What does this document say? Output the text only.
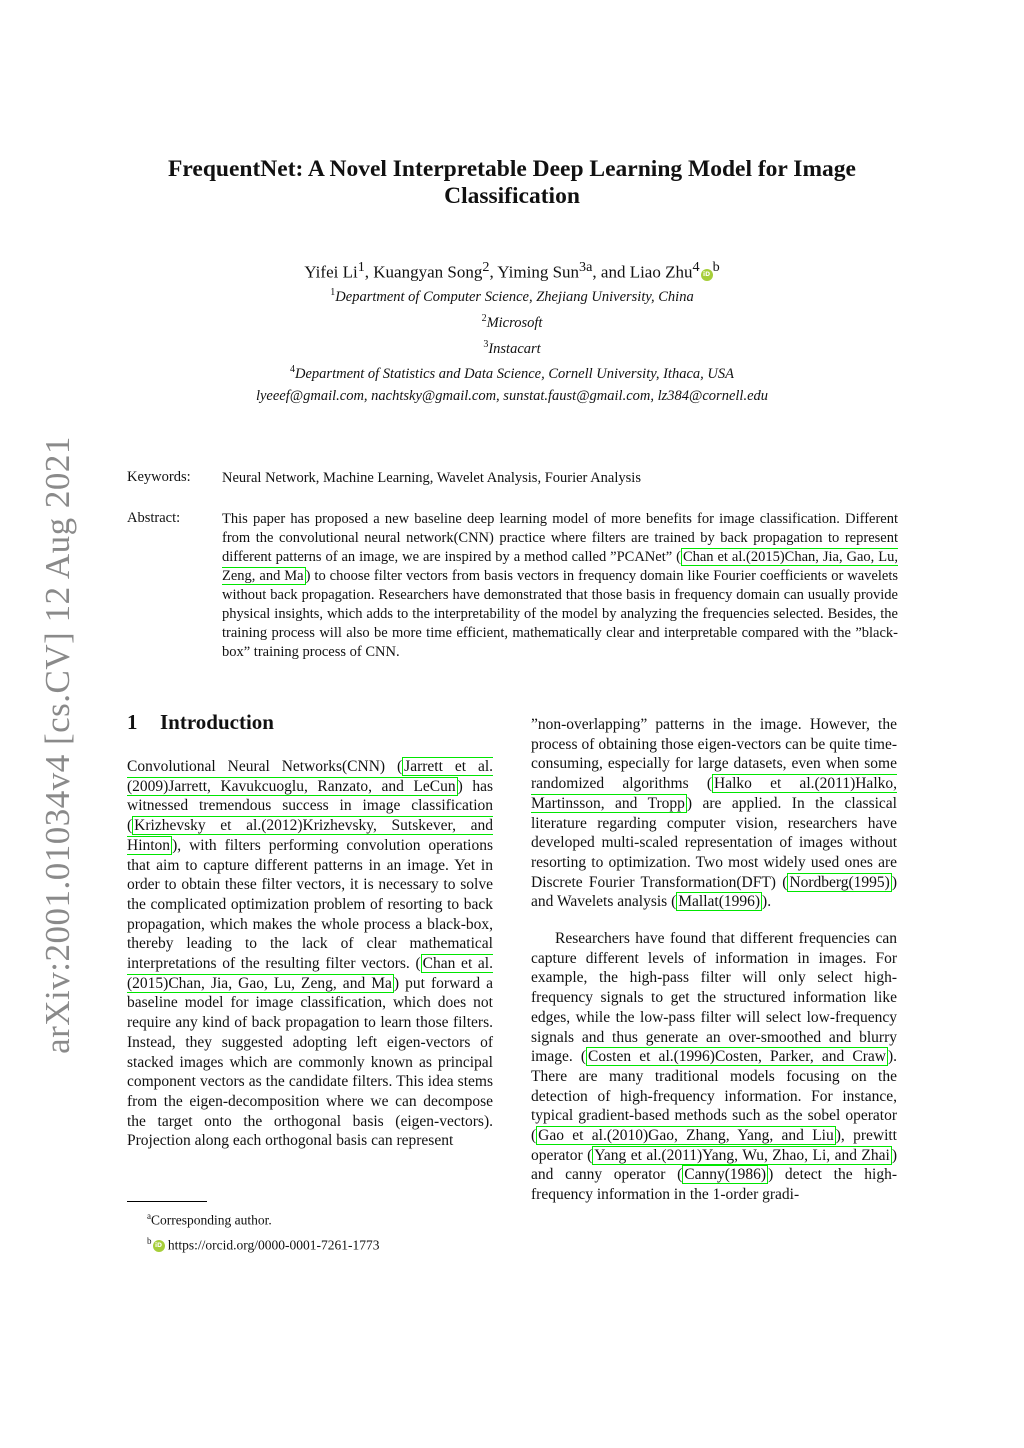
arXiv:2001.01034v4 [cs.CV] 12 Aug 2021
FrequentNet: A Novel Interpretable Deep Learning Model for Image Classification
Yifei Li$^1$, Kuangyan Song$^2$, Yiming Sun$^{3a}$, and Liao Zhu$^4$ iD $^b$
$^1$Department of Computer Science, Zhejiang University, China
$^2$Microsoft
$^3$Instacart
$^4$Department of Statistics and Data Science, Cornell University, Ithaca, USA
lyeeef@gmail.com, nachtsky@gmail.com, sunstat.faust@gmail.com, lz384@cornell.edu
Keywords: Neural Network, Machine Learning, Wavelet Analysis, Fourier Analysis
Abstract:	This paper has proposed a new baseline deep learning model of more benefits for image classification. Different from the convolutional neural network(CNN) practice where filters are trained by back propagation to represent different patterns of an image, we are inspired by a method called ”PCANet” ( Chan et al.(2015)Chan, Jia, Gao, Lu, Zeng, and Ma ) to choose filter vectors from basis vectors in frequency domain like Fourier coefficients or wavelets without back propagation. Researchers have demonstrated that those basis in frequency domain can usually provide physical insights, which adds to the interpretability of the model by analyzing the frequencies selected. Besides, the training process will also be more time efficient, mathematically clear and interpretable compared with the ”black-box” training process of CNN.
1 Introduction

Convolutional Neural Networks(CNN) ( Jarrett et al.(2009)Jarrett, Kavukcuoglu, Ranzato, and LeCun ) has witnessed tremendous success in image classification ( Krizhevsky et al.(2012)Krizhevsky, Sutskever, and Hinton ), with filters performing convolution operations that aim to capture different patterns in an image. Yet in order to obtain these filter vectors, it is necessary to solve the complicated optimization problem of resorting to back propagation, which makes the whole process a black-box, thereby leading to the lack of clear mathematical interpretations of the resulting filter vectors. ( Chan et al.(2015)Chan, Jia, Gao, Lu, Zeng, and Ma ) put forward a baseline model for image classification, which does not require any kind of back propagation to learn those filters. Instead, they suggested adopting left eigen-vectors of stacked images which are commonly known as principal component vectors as the candidate filters. This idea stems from the eigen-decomposition where we can decompose the target onto the orthogonal basis (eigen-vectors). Projection along each orthogonal basis can represent

”non-overlapping” patterns in the image. However, the process of obtaining those eigen-vectors can be quite time-consuming, especially for large datasets, even when some randomized algorithms ( Halko et al.(2011)Halko, Martinsson, and Tropp ) are applied. In the classical literature regarding computer vision, researchers have developed multi-scaled representation of images without resorting to optimization. Two most widely used ones are Discrete Fourier Transformation(DFT) ( Nordberg(1995) ) and Wavelets analysis ( Mallat(1996) ).

Researchers have found that different frequencies can capture different levels of information in images. For example, the high-pass filter will only select high-frequency signals to get the structured information like edges, while the low-pass filter will select low-frequency signals and thus generate an over-smoothed and blurry image. ( Costen et al.(1996)Costen, Parker, and Craw ). There are many traditional models focusing on the detection of high-frequency information. For instance, typical gradient-based methods such as the sobel operator ( Gao et al.(2010)Gao, Zhang, Yang, and Liu ), prewitt operator ( Yang et al.(2011)Yang, Wu, Zhao, Li, and Zhai ) and canny operator ( Canny(1986) ) detect the high-frequency information in the 1-order gradi-

$^a$Corresponding author.
$^b$ iD https://orcid.org/0000-0001-7261-1773
